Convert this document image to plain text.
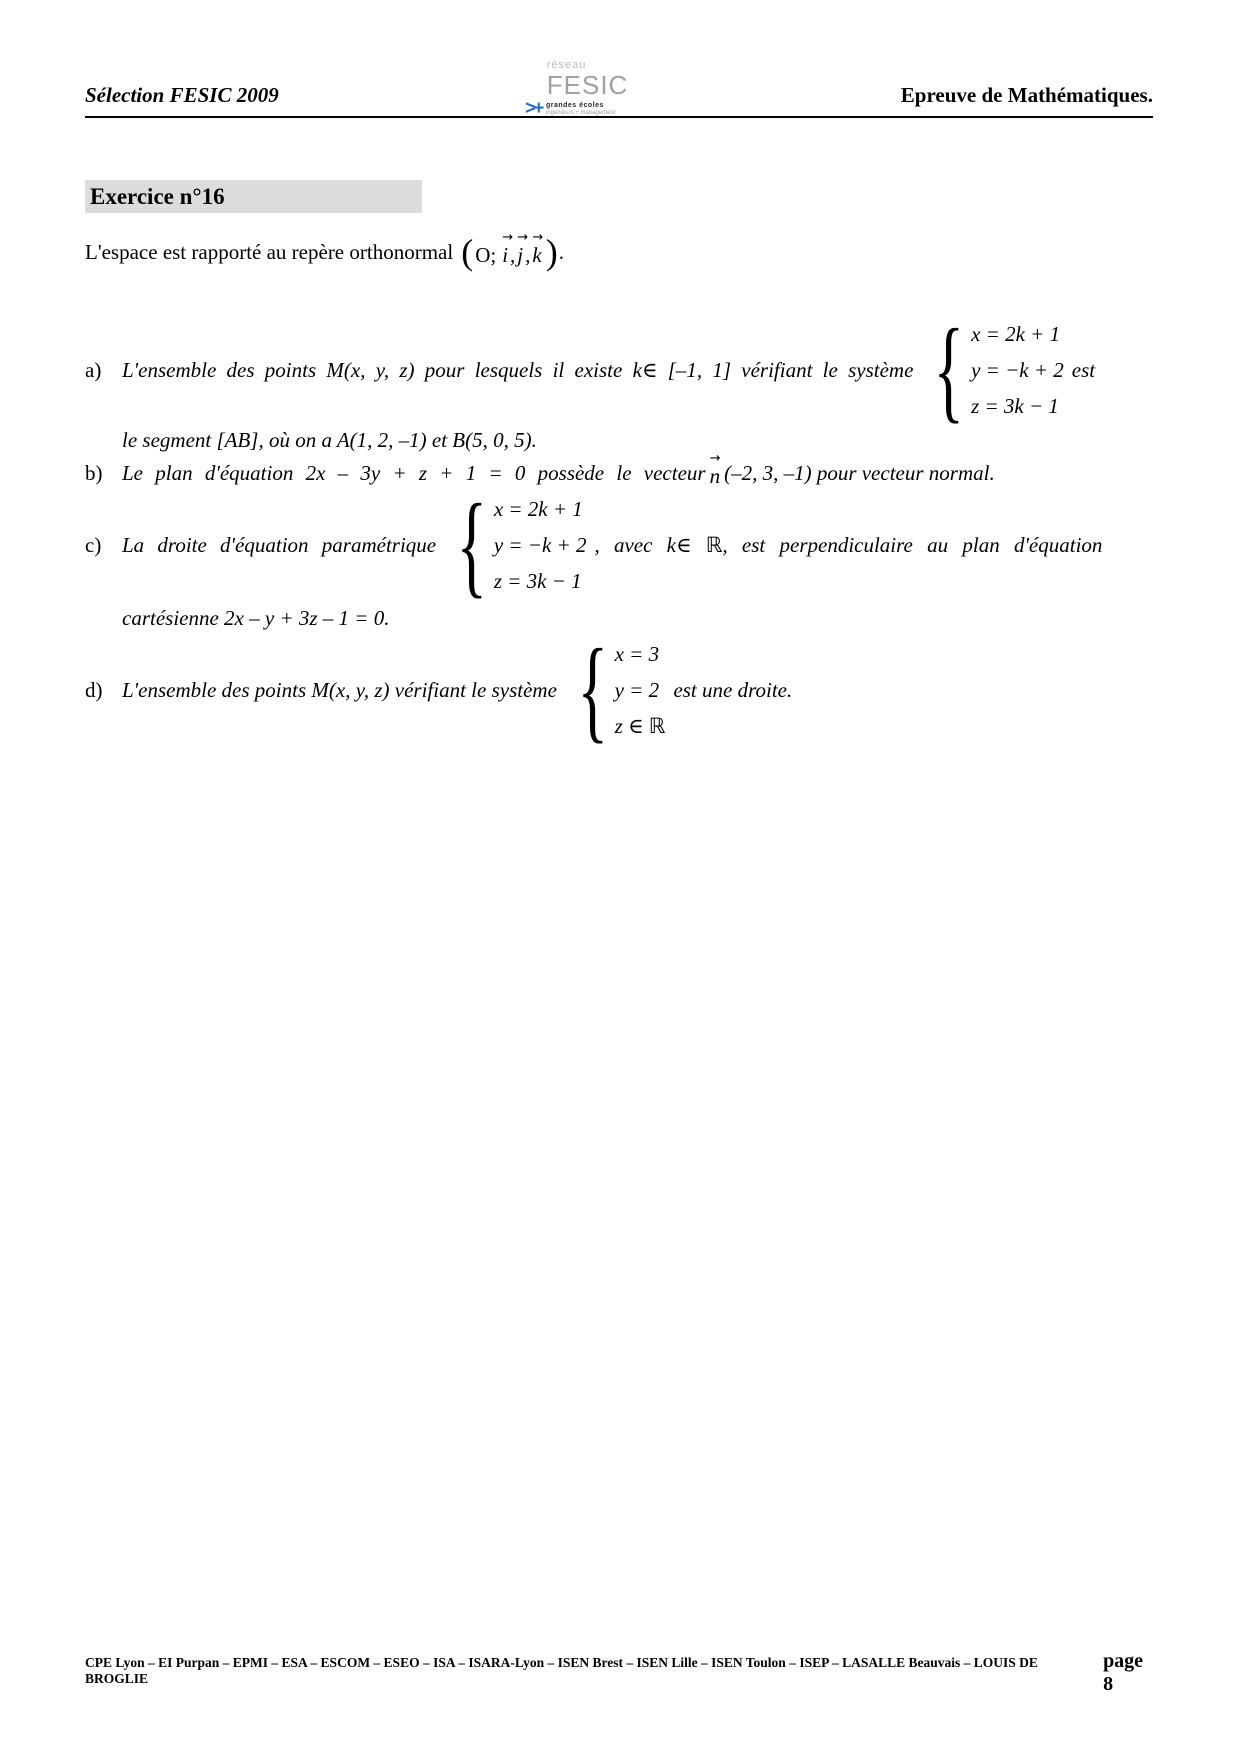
Sélection FESIC 2009
réseau
FESIC
>+ grandes écoles
ingénieurs + management
Epreuve de Mathématiques.
Exercice n°16
L'espace est rapporté au repère orthonormal ( O; i → , j → , k → ) .
a) L'ensemble des points M(x, y, z) pour lesquels il existe k∈ [–1, 1] vérifiant le système { x = 2k + 1
y = −k + 2
z = 3k − 1
est
le segment [AB], où on a A(1, 2, –1) et B(5, 0, 5).
b) Le plan d'équation 2x – 3y + z + 1 = 0 possède le vecteur n → (–2, 3, –1) pour vecteur normal.
c) La droite d'équation paramétrique { x = 2k + 1
y = −k + 2
z = 3k − 1
, avec k∈ ℝ, est perpendiculaire au plan d'équation
cartésienne 2x – y + 3z – 1 = 0.
d) L'ensemble des points M(x, y, z) vérifiant le système { x = 3
y = 2
z ∈ ℝ
est une droite.
CPE Lyon – EI Purpan – EPMI – ESA – ESCOM – ESEO – ISA – ISARA-Lyon – ISEN Brest – ISEN Lille – ISEN Toulon – ISEP – LASALLE Beauvais – LOUIS DE BROGLIE
page 8
